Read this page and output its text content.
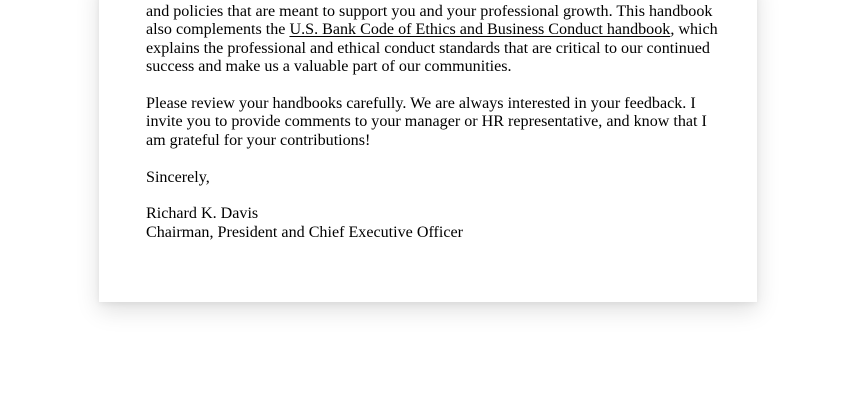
and policies that are meant to support you and your professional growth. This handbook
also complements the U.S. Bank Code of Ethics and Business Conduct handbook, which
explains the professional and ethical conduct standards that are critical to our continued
success and make us a valuable part of our communities.
Please review your handbooks carefully. We are always interested in your feedback. I
invite you to provide comments to your manager or HR representative, and know that I
am grateful for your contributions!
Sincerely,
Richard K. Davis
Chairman, President and Chief Executive Officer
